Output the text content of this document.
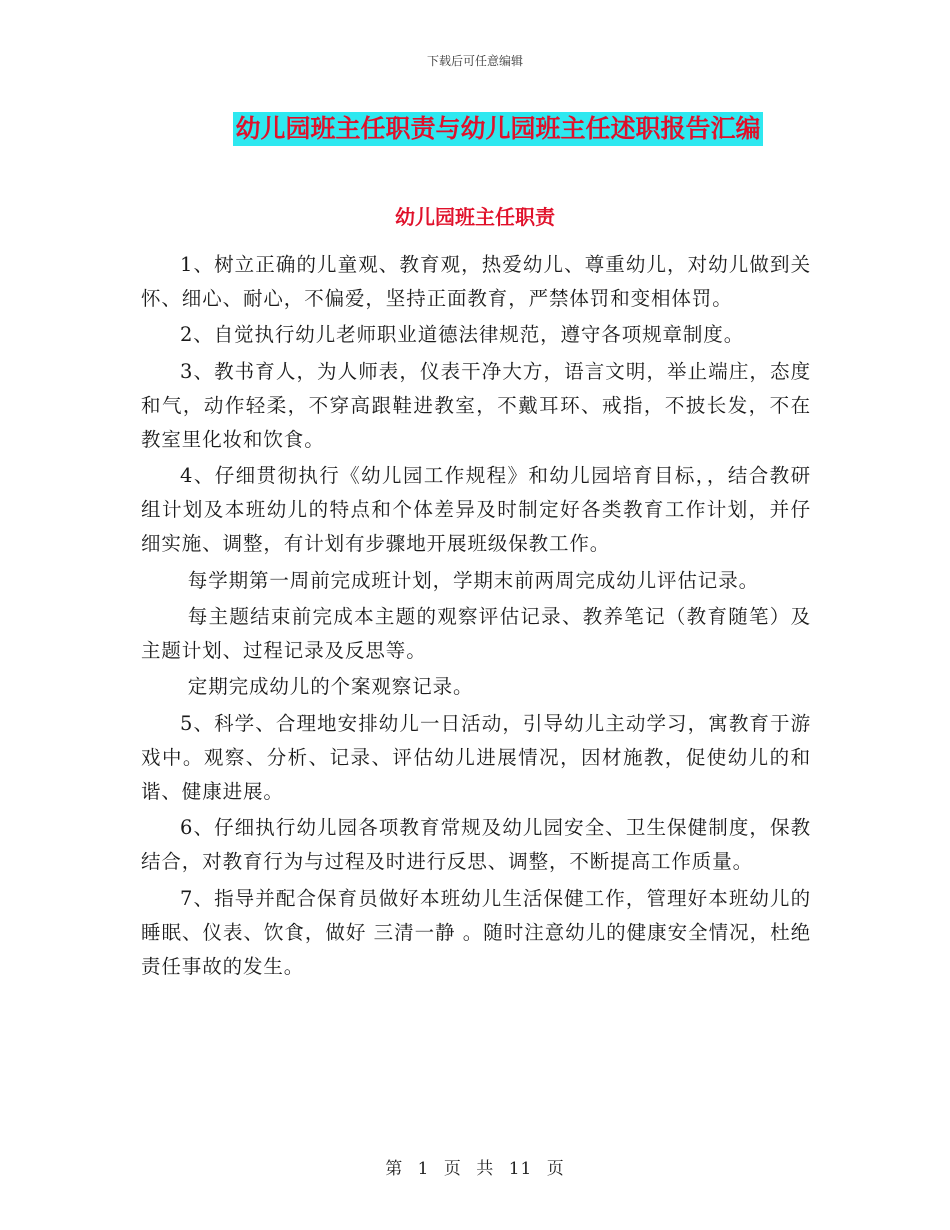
下载后可任意编辑
幼儿园班主任职责与幼儿园班主任述职报告汇编
幼儿园班主任职责

1、树立正确的儿童观、教育观，热爱幼儿、尊重幼儿，对幼儿做到关怀、细心、耐心，不偏爱，坚持正面教育，严禁体罚和变相体罚。

2、自觉执行幼儿老师职业道德法律规范，遵守各项规章制度。

3、教书育人，为人师表，仪表干净大方，语言文明，举止端庄，态度和气，动作轻柔，不穿高跟鞋进教室，不戴耳环、戒指，不披长发，不在教室里化妆和饮食。

4、仔细贯彻执行《幼儿园工作规程》和幼儿园培育目标，，结合教研组计划及本班幼儿的特点和个体差异及时制定好各类教育工作计划，并仔细实施、调整，有计划有步骤地开展班级保教工作。

每学期第一周前完成班计划，学期末前两周完成幼儿评估记录。

每主题结束前完成本主题的观察评估记录、教养笔记（教育随笔）及主题计划、过程记录及反思等。

定期完成幼儿的个案观察记录。

5、科学、合理地安排幼儿一日活动，引导幼儿主动学习，寓教育于游戏中。观察、分析、记录、评估幼儿进展情况，因材施教，促使幼儿的和谐、健康进展。

6、仔细执行幼儿园各项教育常规及幼儿园安全、卫生保健制度，保教结合，对教育行为与过程及时进行反思、调整，不断提高工作质量。

7、指导并配合保育员做好本班幼儿生活保健工作，管理好本班幼儿的睡眠、仪表、饮食，做好 三清一静 。随时注意幼儿的健康安全情况，杜绝责任事故的发生。

第 1 页 共 11 页
